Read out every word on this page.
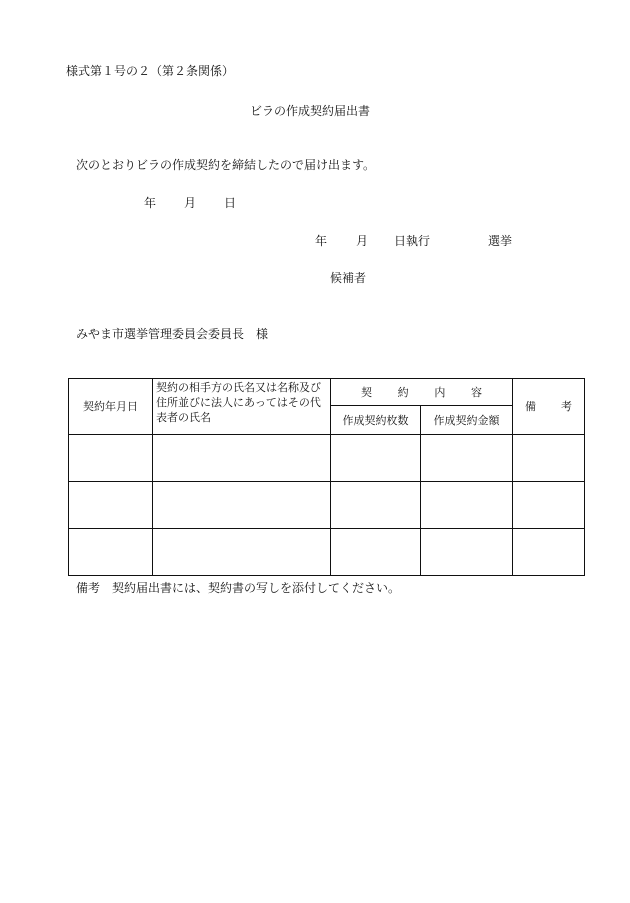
様式第１号の２（第２条関係）
ビラの作成契約届出書
次のとおりビラの作成契約を締結したので届け出ます。
年 月 日
年 月 日執行	選挙
候補者
みやま市選挙管理委員会委員長　様
契約年月日	契約の相手方の氏名又は名称及び住所並びに法人にあってはその代表者の氏名	契 約 内 容		備 考

		作成契約枚数	作成契約金額	

備考　契約届出書には、契約書の写しを添付してください。
